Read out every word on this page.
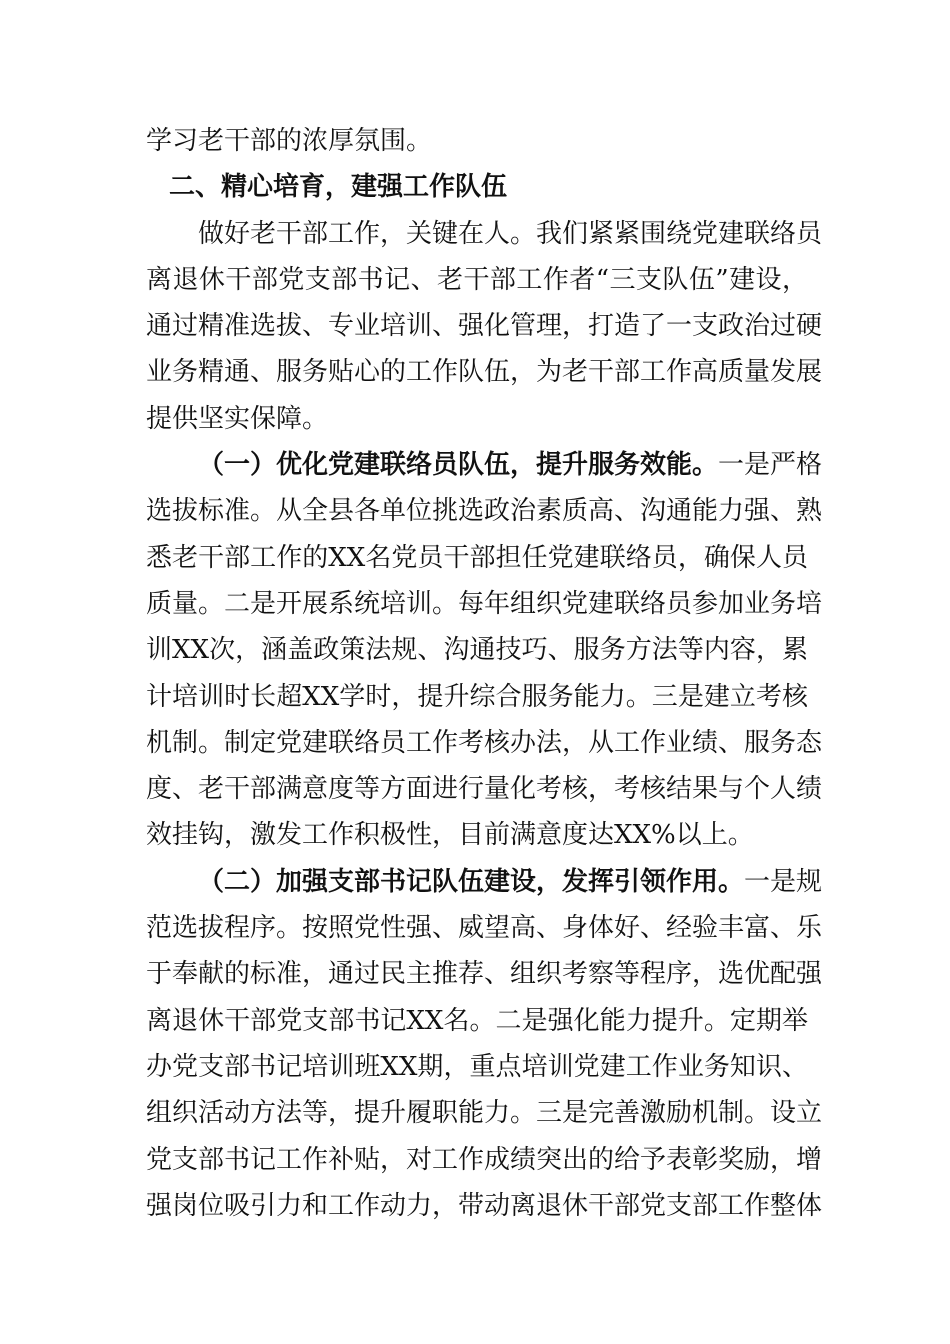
学习老干部的浓厚氛围。
二、精心培育，建强工作队伍
做好老干部工作，关键在人。我们紧紧围绕党建联络员
离退休干部党支部书记、老干部工作者“三支队伍”建设，
通过精准选拔、专业培训、强化管理，打造了一支政治过硬
业务精通、服务贴心的工作队伍，为老干部工作高质量发展
提供坚实保障。
（一）优化党建联络员队伍，提升服务效能。一是严格
选拔标准。从全县各单位挑选政治素质高、沟通能力强、熟
悉老干部工作的XX名党员干部担任党建联络员，确保人员
质量。二是开展系统培训。每年组织党建联络员参加业务培
训XX次，涵盖政策法规、沟通技巧、服务方法等内容，累
计培训时长超XX学时，提升综合服务能力。三是建立考核
机制。制定党建联络员工作考核办法，从工作业绩、服务态
度、老干部满意度等方面进行量化考核，考核结果与个人绩
效挂钩，激发工作积极性，目前满意度达XX%以上。
（二）加强支部书记队伍建设，发挥引领作用。一是规
范选拔程序。按照党性强、威望高、身体好、经验丰富、乐
于奉献的标准，通过民主推荐、组织考察等程序，选优配强
离退休干部党支部书记XX名。二是强化能力提升。定期举
办党支部书记培训班XX期，重点培训党建工作业务知识、
组织活动方法等，提升履职能力。三是完善激励机制。设立
党支部书记工作补贴，对工作成绩突出的给予表彰奖励，增
强岗位吸引力和工作动力，带动离退休干部党支部工作整体
